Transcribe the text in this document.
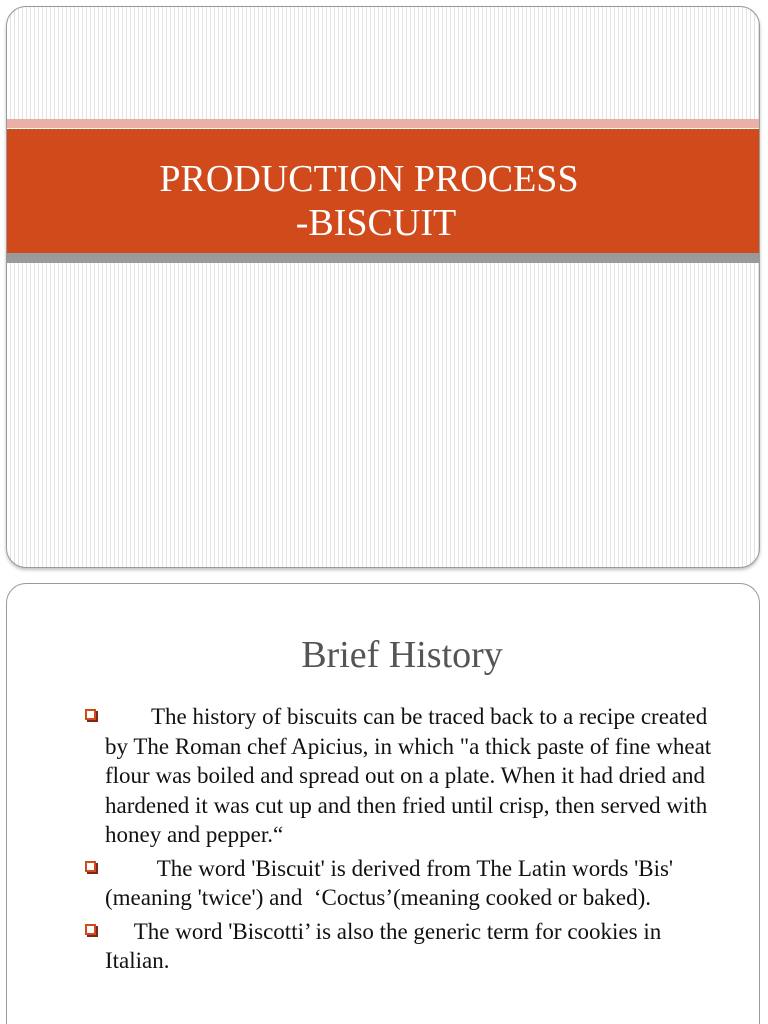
PRODUCTION PROCESS
-BISCUIT
Brief History
The history of biscuits can be traced back to a recipe created by The Roman chef Apicius, in which "a thick paste of fine wheat flour was boiled and spread out on a plate. When it had dried and hardened it was cut up and then fried until crisp, then served with honey and pepper.“
The word 'Biscuit' is derived from The Latin words 'Bis' (meaning 'twice') and  ‘Coctus’(meaning cooked or baked).
The word 'Biscotti’ is also the generic term for cookies in Italian.
